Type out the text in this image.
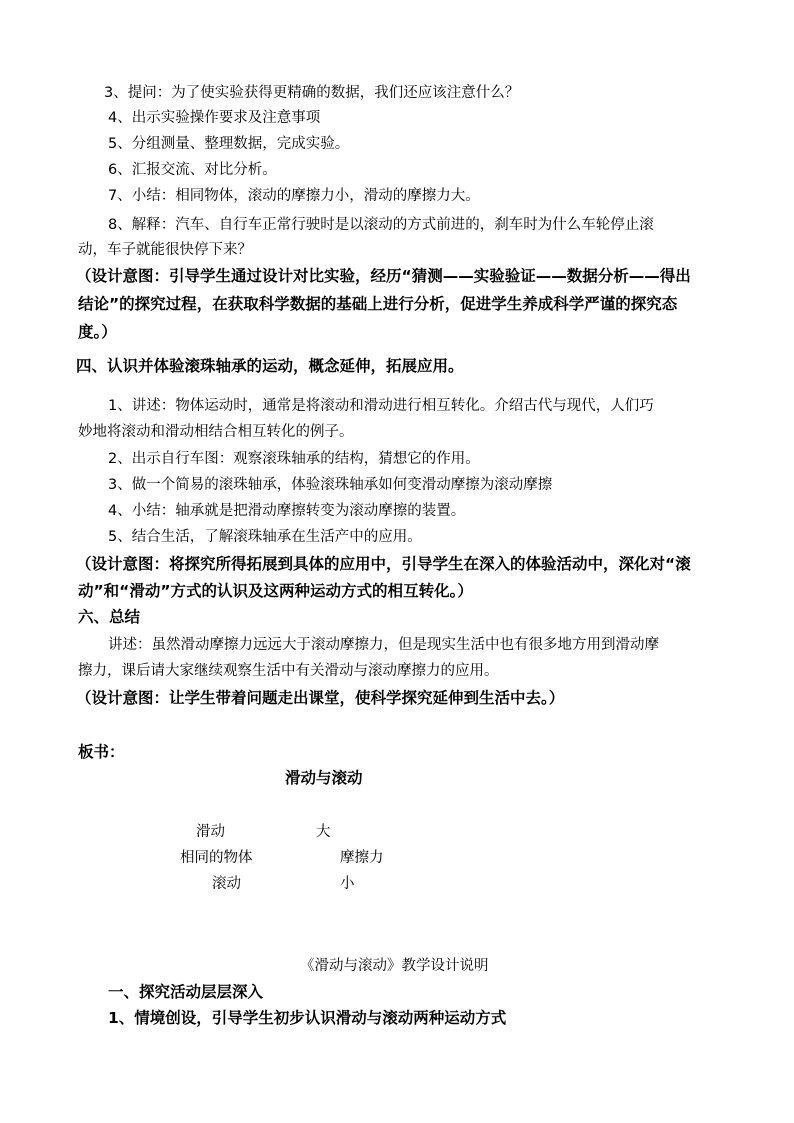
3、提问：为了使实验获得更精确的数据，我们还应该注意什么？
4、出示实验操作要求及注意事项
5、分组测量、整理数据，完成实验。
6、汇报交流、对比分析。
7、小结：相同物体，滚动的摩擦力小，滑动的摩擦力大。
8、解释：汽车、自行车正常行驶时是以滚动的方式前进的，刹车时为什么车轮停止滚
动，车子就能很快停下来？
（设计意图：引导学生通过设计对比实验，经历“猜测——实验验证——数据分析——得出
结论”的探究过程，在获取科学数据的基础上进行分析，促进学生养成科学严谨的探究态
度。）
四、认识并体验滚珠轴承的运动，概念延伸，拓展应用。
1、讲述：物体运动时，通常是将滚动和滑动进行相互转化。介绍古代与现代，人们巧
妙地将滚动和滑动相结合相互转化的例子。
2、出示自行车图：观察滚珠轴承的结构，猜想它的作用。
3、做一个简易的滚珠轴承，体验滚珠轴承如何变滑动摩擦为滚动摩擦
4、小结：轴承就是把滑动摩擦转变为滚动摩擦的装置。
5、结合生活，了解滚珠轴承在生活产中的应用。
（设计意图：将探究所得拓展到具体的应用中，引导学生在深入的体验活动中，深化对“滚
动”和“滑动”方式的认识及这两种运动方式的相互转化。）
六、总结
讲述：虽然滑动摩擦力远远大于滚动摩擦力，但是现实生活中也有很多地方用到滑动摩
擦力，课后请大家继续观察生活中有关滑动与滚动摩擦力的应用。
（设计意图：让学生带着问题走出课堂，使科学探究延伸到生活中去。）
板书：
滑动与滚动
滑动	大
相同的物体	摩擦力
滚动	小
《滑动与滚动》教学设计说明
一、探究活动层层深入
1、情境创设，引导学生初步认识滑动与滚动两种运动方式
